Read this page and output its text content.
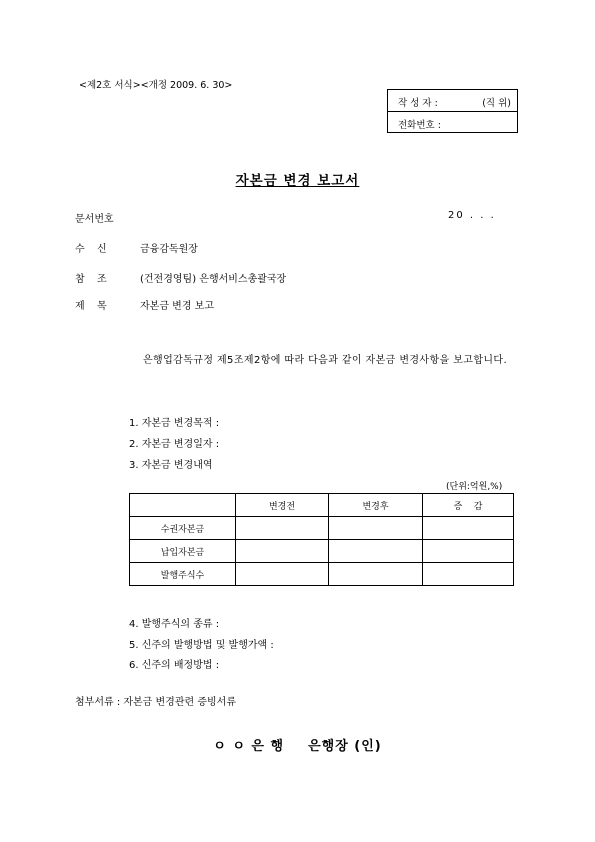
<제2호 서식><개정 2009. 6. 30>
작 성 자 :	(직 위)
전화번호 :
자본금 변경 보고서
문서번호	20 . . .
수 신	금융감독원장
참 조	(건전경영팀) 은행서비스총괄국장
제 목	자본금 변경 보고
은행업감독규정 제5조제2항에 따라 다음과 같이 자본금 변경사항을 보고합니다.
1. 자본금 변경목적 :
2. 자본금 변경일자 :
3. 자본금 변경내역
(단위:억원,%)
	변경전	변경후	증    감
수권자본금			
납입자본금			
발행주식수			
4. 발행주식의 종류 :
5. 신주의 발행방법 및 발행가액 :
6. 신주의 배정방법 :
첨부서류 : 자본금 변경관련 증빙서류
ㅇ ㅇ 은 행 은행장 (인)
